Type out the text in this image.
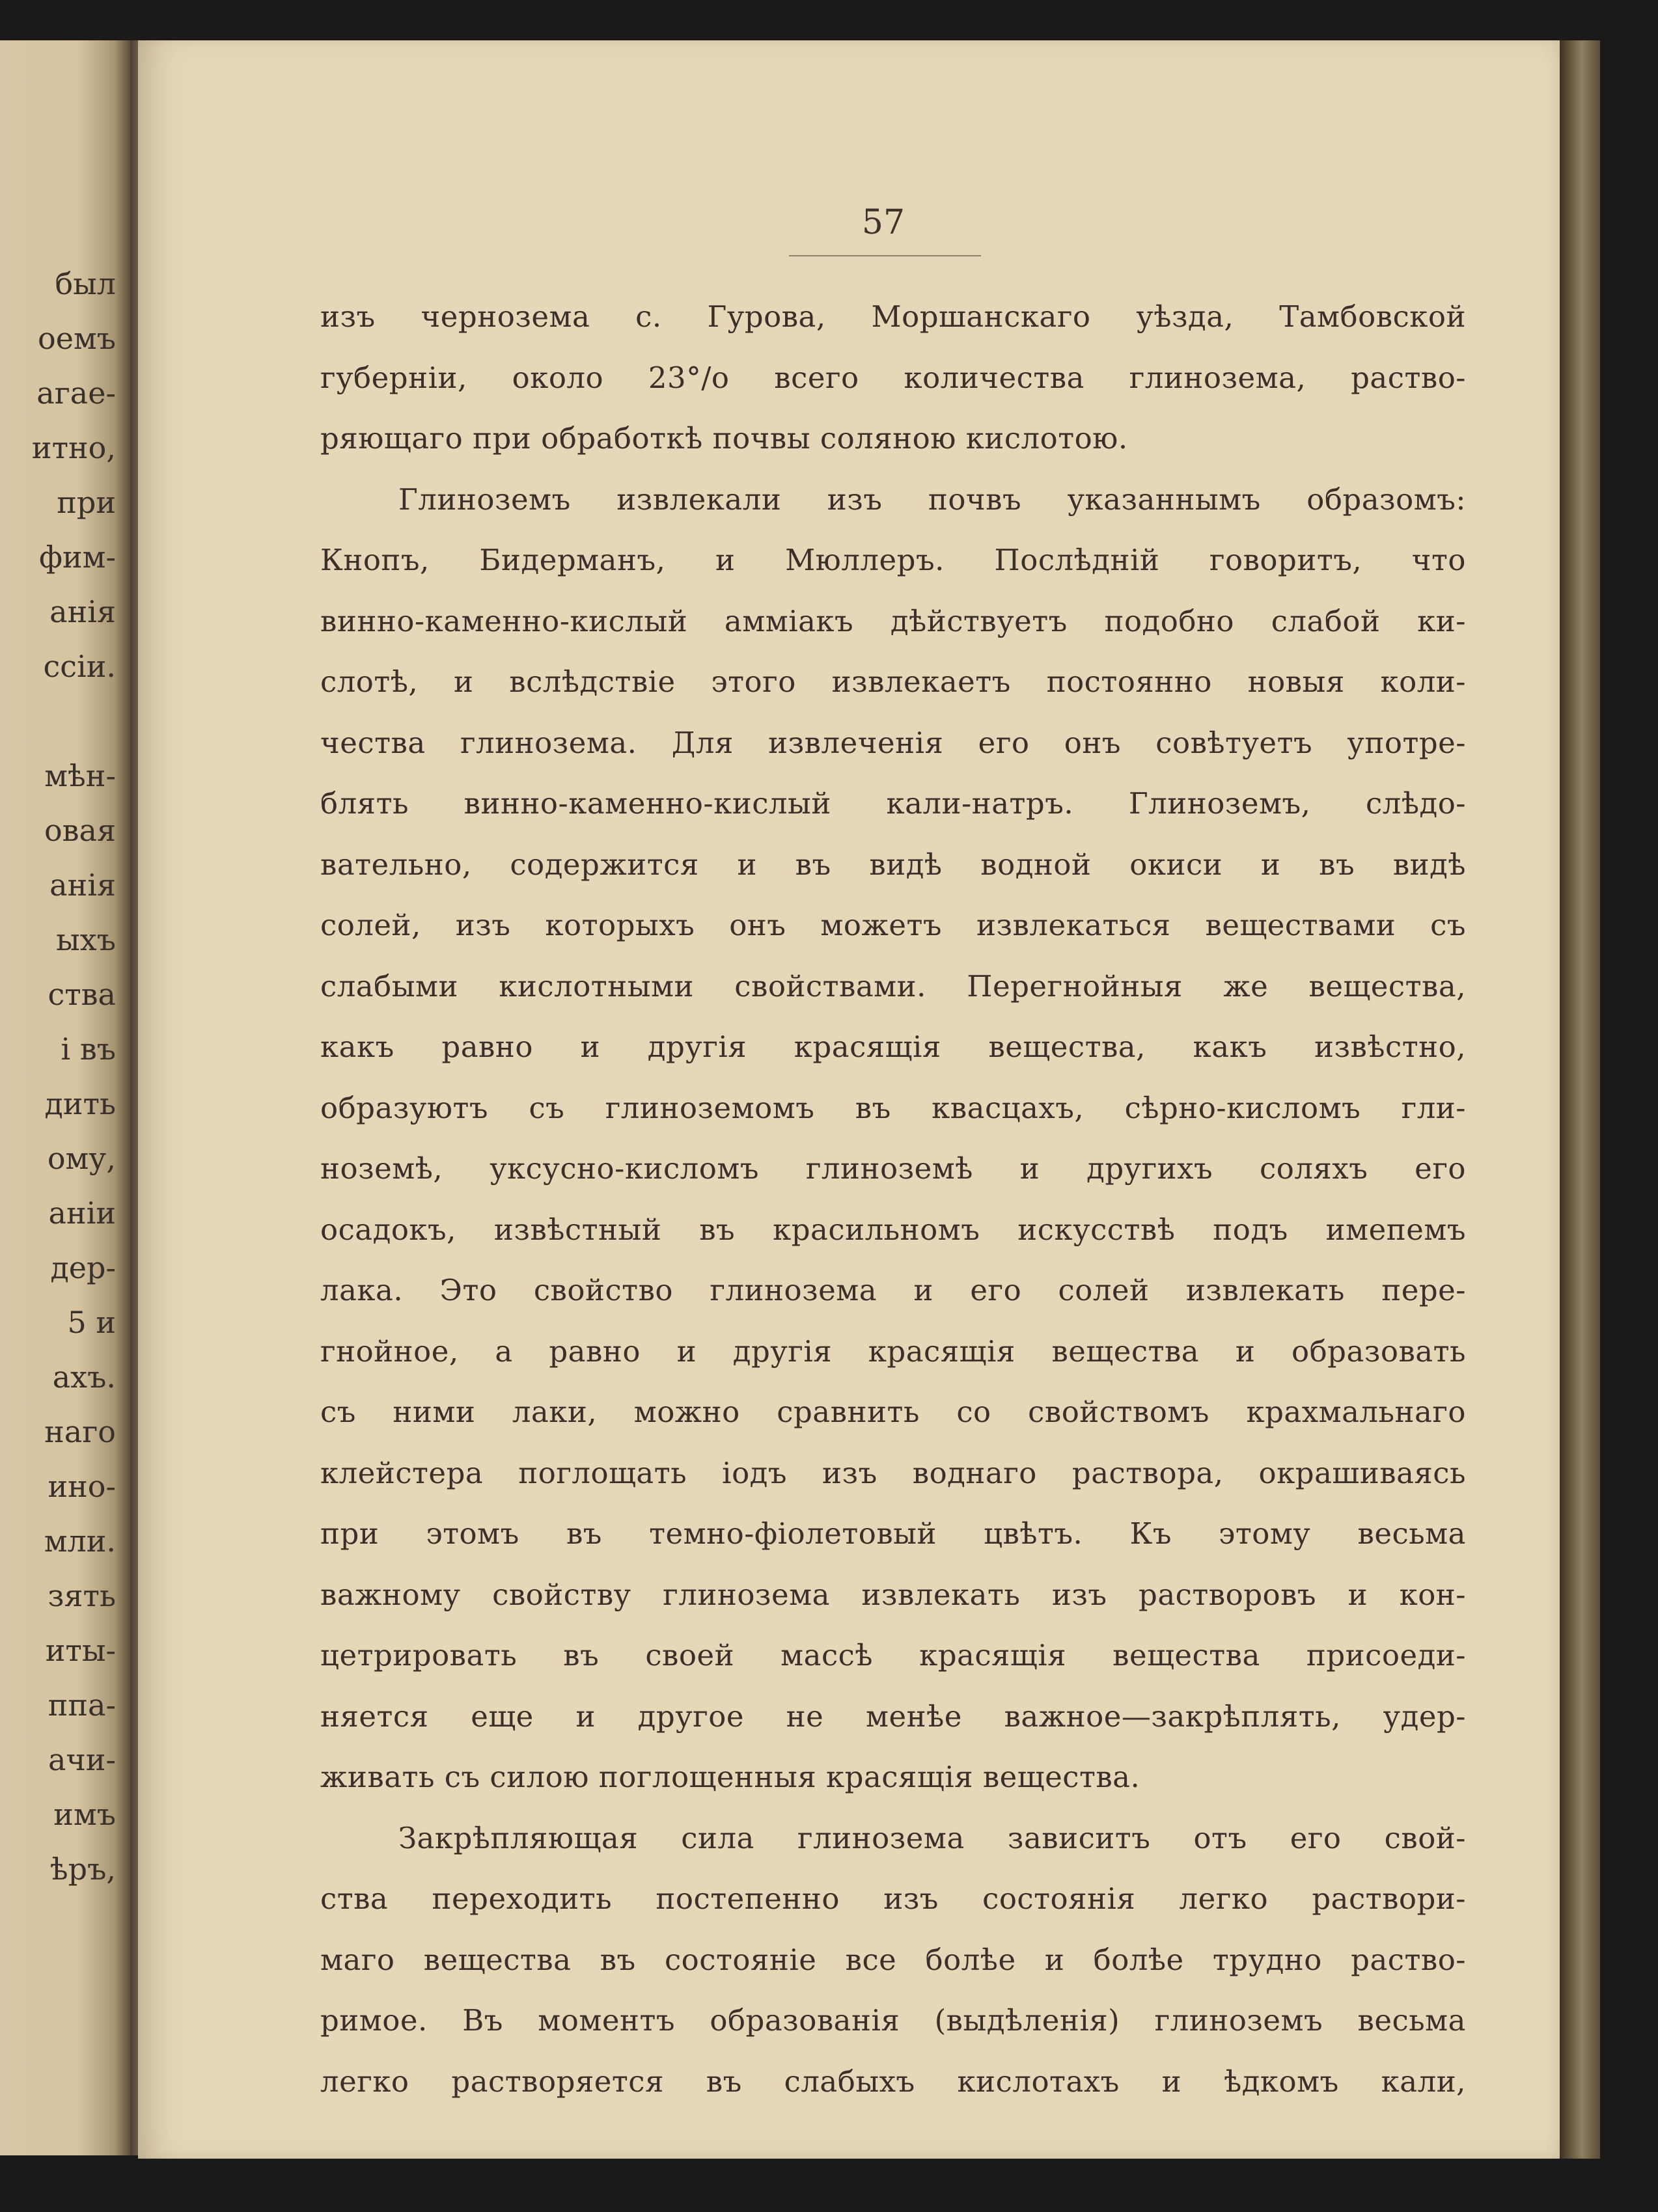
был
оемъ
агае-
итно,
при
фим-
анія
ссіи.
мѣн-
овая
анія
ыхъ
ства
і въ
дить
ому,
аніи
дер-
5 и
ахъ.
наго
ино-
мли.
зять
иты-
ппа-
ачи-
имъ
ѣръ,
57
изъ чернозема с. Гурова, Моршанскаго уѣзда, Тамбовской
губерніи, около 23°/о всего количества глинозема, раство-
ряющаго при обработкѣ почвы соляною кислотою.
Глиноземъ извлекали изъ почвъ указаннымъ образомъ:
Кнопъ, Бидерманъ, и Мюллеръ. Послѣдній говоритъ, что
винно-каменно-кислый амміакъ дѣйствуетъ подобно слабой ки-
слотѣ, и вслѣдствіе этого извлекаетъ постоянно новыя коли-
чества глинозема. Для извлеченія его онъ совѣтуетъ употре-
блять винно-каменно-кислый кали-натръ. Глиноземъ, слѣдо-
вательно, содержится и въ видѣ водной окиси и въ видѣ
солей, изъ которыхъ онъ можетъ извлекаться веществами съ
слабыми кислотными свойствами. Перегнойныя же вещества,
какъ равно и другія красящія вещества, какъ извѣстно,
образуютъ съ глиноземомъ въ квасцахъ, сѣрно-кисломъ гли-
ноземѣ, уксусно-кисломъ глиноземѣ и другихъ соляхъ его
осадокъ, извѣстный въ красильномъ искусствѣ подъ имепемъ
лака. Это свойство глинозема и его солей извлекать пере-
гнойное, а равно и другія красящія вещества и образовать
съ ними лаки, можно сравнить со свойствомъ крахмальнаго
клейстера поглощать іодъ изъ воднаго раствора, окрашиваясь
при этомъ въ темно-фіолетовый цвѣтъ. Къ этому весьма
важному свойству глинозема извлекать изъ растворовъ и кон-
цетрировать въ своей массѣ красящія вещества присоеди-
няется еще и другое не менѣе важное—закрѣплять, удер-
живать съ силою поглощенныя красящія вещества.
Закрѣпляющая сила глинозема зависитъ отъ его свой-
ства переходить постепенно изъ состоянія легко раствори-
маго вещества въ состояніе все болѣе и болѣе трудно раство-
римое. Въ моментъ образованія (выдѣленія) глиноземъ весьма
легко растворяется въ слабыхъ кислотахъ и ѣдкомъ кали,
